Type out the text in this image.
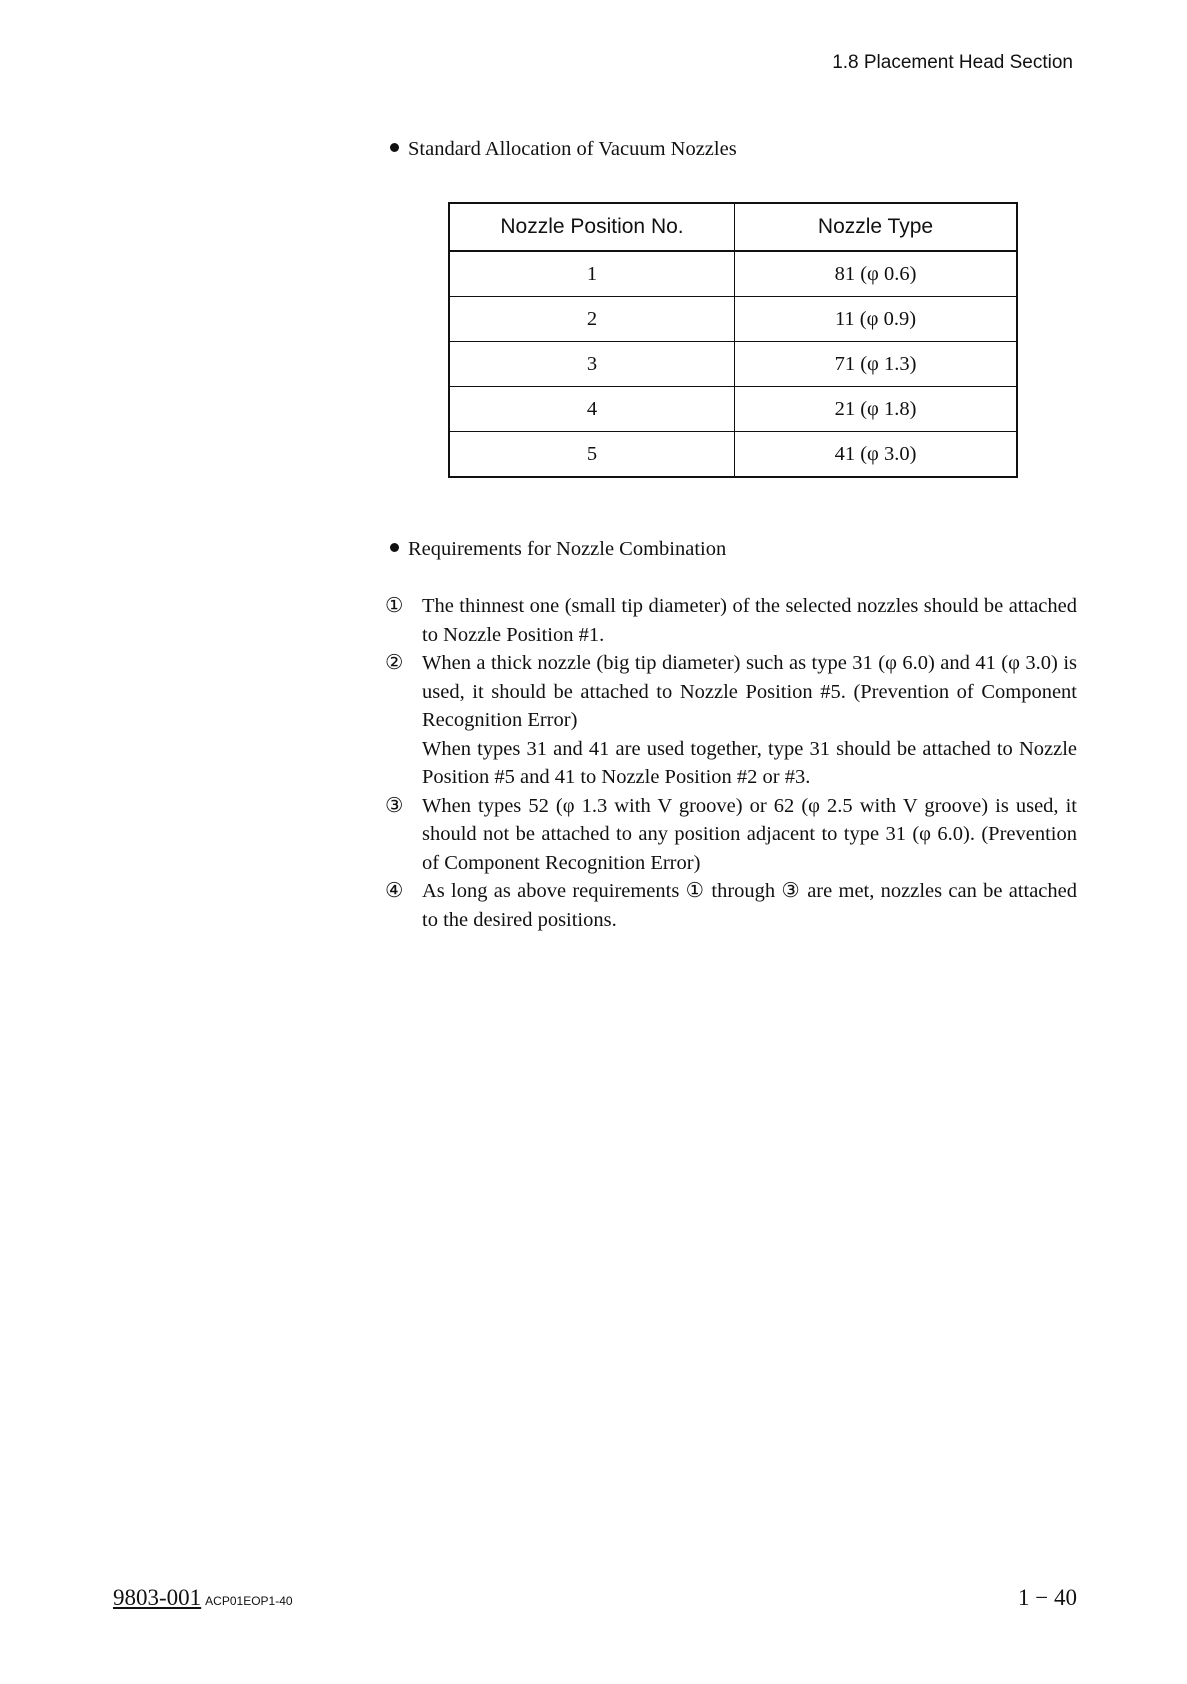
1.8 Placement Head Section
Standard Allocation of Vacuum Nozzles
Nozzle Position No.	Nozzle Type
1	81 (φ 0.6)
2	11 (φ 0.9)
3	71 (φ 1.3)
4	21 (φ 1.8)
5	41 (φ 3.0)
Requirements for Nozzle Combination
① The thinnest one (small tip diameter) of the selected nozzles should be attached to Nozzle Position #1.

② When a thick nozzle (big tip diameter) such as type 31 (φ 6.0) and 41 (φ 3.0) is used, it should be attached to Nozzle Position #5. (Prevention of Component Recognition Error)

When types 31 and 41 are used together, type 31 should be attached to Nozzle Position #5 and 41 to Nozzle Position #2 or #3.

③ When types 52 (φ 1.3 with V groove) or 62 (φ 2.5 with V groove) is used, it should not be attached to any position adjacent to type 31 (φ 6.0). (Prevention of Component Recognition Error)

④ As long as above requirements ① through ③ are met, nozzles can be attached to the desired positions.

9803-001 ACP01EOP1-40	1 − 40
